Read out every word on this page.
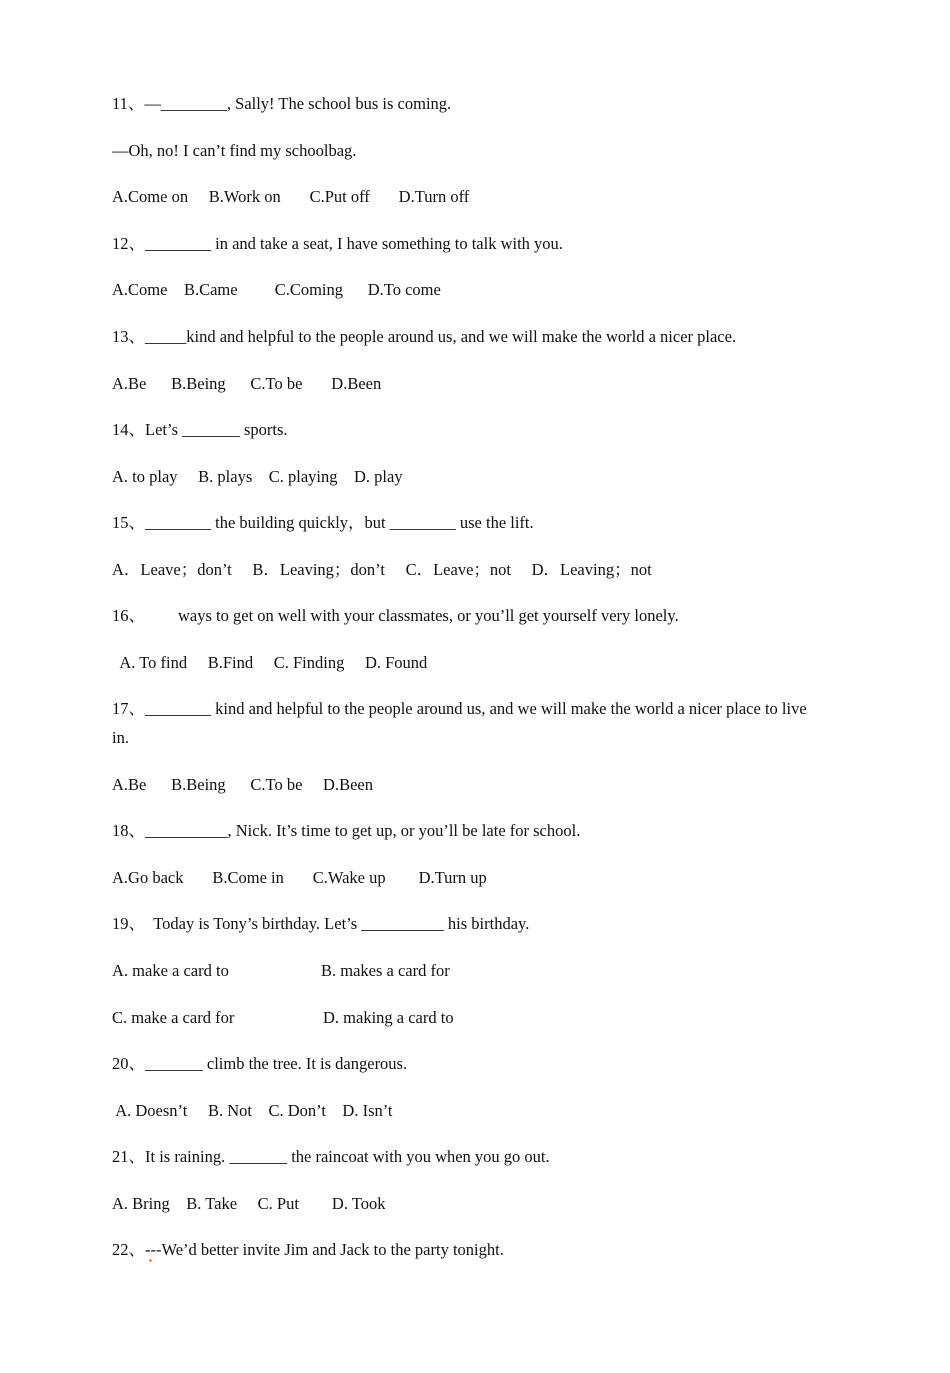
11、—________, Sally! The school bus is coming.
—Oh, no! I can’t find my schoolbag.
A.Come on     B.Work on       C.Put off       D.Turn off
12、________ in and take a seat, I have something to talk with you.
A.Come    B.Came         C.Coming      D.To come
13、_____kind and helpful to the people around us, and we will make the world a nicer place.
A.Be      B.Being      C.To be       D.Been
14、Let’s _______ sports.
A. to play     B. plays    C. playing    D. play
15、________ the building quickly，but ________ use the lift.
A．Leave；don’t     B．Leaving；don’t     C．Leave；not     D．Leaving；not
16、        ways to get on well with your classmates, or you’ll get yourself very lonely.
A. To find     B.Find     C. Finding     D. Found
17、________ kind and helpful to the people around us, and we will make the world a nicer place to live in.
A.Be      B.Being      C.To be     D.Been
18、__________, Nick. It’s time to get up, or you’ll be late for school.
A.Go back       B.Come in       C.Wake up        D.Turn up
19、  Today is Tony’s birthday. Let’s __________ his birthday.

A. make a card to

	B. makes a card for

C. make a card for

	D. making a card to

20、_______ climb the tree. It is dangerous.
A. Doesn’t     B. Not    C. Don’t    D. Isn’t
21、It is raining. _______ the raincoat with you when you go out.
A. Bring    B. Take     C. Put        D. Took
22、---We’d better invite Jim and Jack to the party tonight.
